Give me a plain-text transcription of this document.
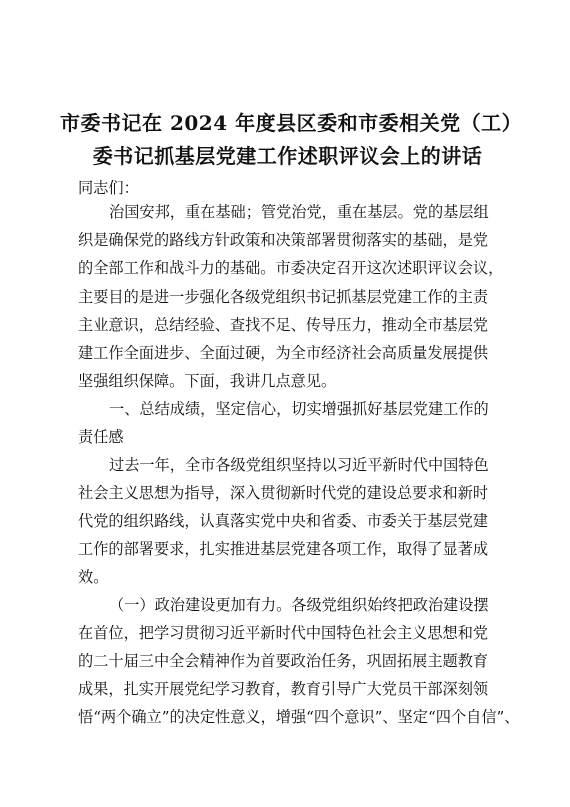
市委书记在 2024 年度县区委和市委相关党（工）
委书记抓基层党建工作述职评议会上的讲话
同志们：
治国安邦，重在基础；管党治党，重在基层。党的基层组
织是确保党的路线方针政策和决策部署贯彻落实的基础，是党
的全部工作和战斗力的基础。市委决定召开这次述职评议会议，
主要目的是进一步强化各级党组织书记抓基层党建工作的主责
主业意识，总结经验、查找不足、传导压力，推动全市基层党
建工作全面进步、全面过硬，为全市经济社会高质量发展提供
坚强组织保障。下面，我讲几点意见。
一、总结成绩，坚定信心，切实增强抓好基层党建工作的
责任感
过去一年，全市各级党组织坚持以习近平新时代中国特色
社会主义思想为指导，深入贯彻新时代党的建设总要求和新时
代党的组织路线，认真落实党中央和省委、市委关于基层党建
工作的部署要求，扎实推进基层党建各项工作，取得了显著成
效。
（一）政治建设更加有力。各级党组织始终把政治建设摆
在首位，把学习贯彻习近平新时代中国特色社会主义思想和党
的二十届三中全会精神作为首要政治任务，巩固拓展主题教育
成果，扎实开展党纪学习教育，教育引导广大党员干部深刻领
悟“两个确立”的决定性意义，增强“四个意识”、坚定“四个自信”、
